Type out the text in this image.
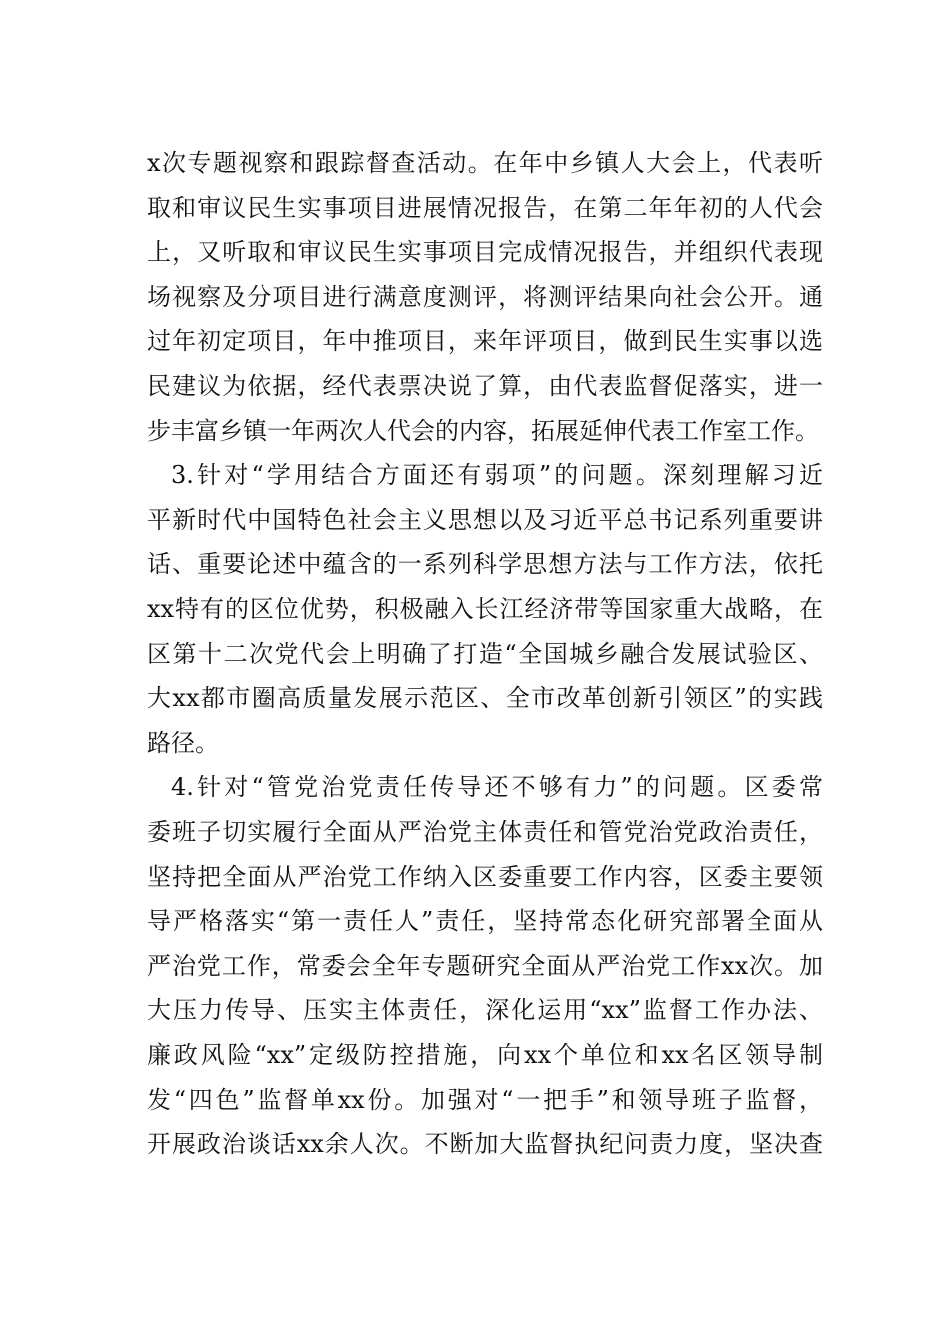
x次专题视察和跟踪督查活动。在年中乡镇人大会上，代表听
取和审议民生实事项目进展情况报告，在第二年年初的人代会
上，又听取和审议民生实事项目完成情况报告，并组织代表现
场视察及分项目进行满意度测评，将测评结果向社会公开。通
过年初定项目，年中推项目，来年评项目，做到民生实事以选
民建议为依据，经代表票决说了算，由代表监督促落实，进一
步丰富乡镇一年两次人代会的内容，拓展延伸代表工作室工作。
3.针对“学用结合方面还有弱项”的问题。深刻理解习近
平新时代中国特色社会主义思想以及习近平总书记系列重要讲
话、重要论述中蕴含的一系列科学思想方法与工作方法，依托
xx特有的区位优势，积极融入长江经济带等国家重大战略，在
区第十二次党代会上明确了打造“全国城乡融合发展试验区、
大xx都市圈高质量发展示范区、全市改革创新引领区”的实践
路径。
4.针对“管党治党责任传导还不够有力”的问题。区委常
委班子切实履行全面从严治党主体责任和管党治党政治责任，
坚持把全面从严治党工作纳入区委重要工作内容，区委主要领
导严格落实“第一责任人”责任，坚持常态化研究部署全面从
严治党工作，常委会全年专题研究全面从严治党工作xx次。加
大压力传导、压实主体责任，深化运用“xx”监督工作办法、
廉政风险“xx”定级防控措施，向xx个单位和xx名区领导制
发“四色”监督单xx份。加强对“一把手”和领导班子监督，
开展政治谈话xx余人次。不断加大监督执纪问责力度，坚决查
